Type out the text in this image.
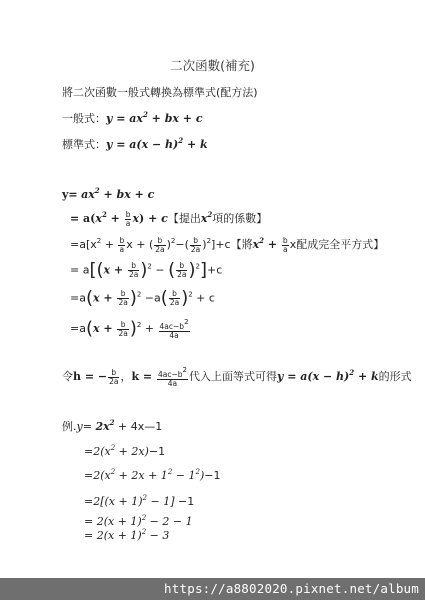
二次函數(補充)
將二次函數一般式轉換為標準式(配方法)
一般式：$y = ax^2$ + bx + c
標準式：$y = a(x - h)^2 + k$
$y= ax^2$ + bx + c
= $a(x^2 + \frac{b}{a} x) + c$【提出$x^2$項的係數】
$=a[x^2 + \frac{b}{a}$ x + ( $\frac{b}{2a} )^2-( \frac{b}{2a} )^2]+c$【將$x^2 + \frac{b}{a}$ x配成完全平方式】
= $a[(x + \frac{b}{2a} )^2$ − ( $\frac{b}{2a} )^2]+c$
$=a(x + \frac{b}{2a} )^2 -a( \frac{b}{2a} )^2 + c$
$=a(x + \frac{b}{2a} )^2 + \frac{4ac-b^2}{4a}$
令h = − $\frac{b}{2a}$ ，$k = \frac{4ac-b^2}{4a}$ 代入上面等式可得$y = a(x - h)^2 + k$的形式
例$.y= 2x^2$ + 4x—1
$=2(x^2 + 2x)-1$
$=2(x^2 + 2x + 1^2 - 1^2)-1$
$=2[(x + 1)^2 - 1] -1$
= $2(x + 1)^2 - 2 - 1$
= $2(x + 1)^2 - 3$
https://a8802020.pixnet.net/album
